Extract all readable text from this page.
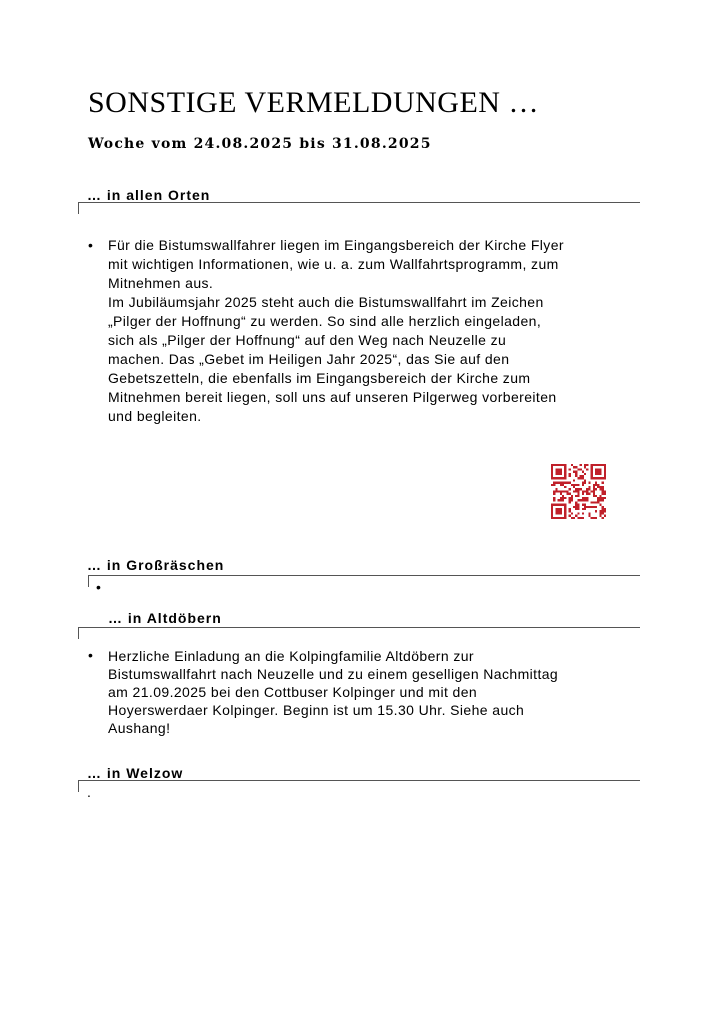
SONSTIGE VERMELDUNGEN …
Woche vom 24.08.2025 bis 31.08.2025
… in allen Orten
• Für die Bistumswallfahrer liegen im Eingangsbereich der Kirche Flyer
mit wichtigen Informationen, wie u. a. zum Wallfahrtsprogramm, zum
Mitnehmen aus.
Im Jubiläumsjahr 2025 steht auch die Bistumswallfahrt im Zeichen
„Pilger der Hoffnung“ zu werden. So sind alle herzlich eingeladen,
sich als „Pilger der Hoffnung“ auf den Weg nach Neuzelle zu
machen. Das „Gebet im Heiligen Jahr 2025“, das Sie auf den
Gebetszetteln, die ebenfalls im Eingangsbereich der Kirche zum
Mitnehmen bereit liegen, soll uns auf unseren Pilgerweg vorbereiten
und begleiten.
… in Großräschen
•
… in Altdöbern
• Herzliche Einladung an die Kolpingfamilie Altdöbern zur
Bistumswallfahrt nach Neuzelle und zu einem geselligen Nachmittag
am 21.09.2025 bei den Cottbuser Kolpinger und mit den
Hoyerswerdaer Kolpinger. Beginn ist um 15.30 Uhr. Siehe auch
Aushang!
… in Welzow
.
